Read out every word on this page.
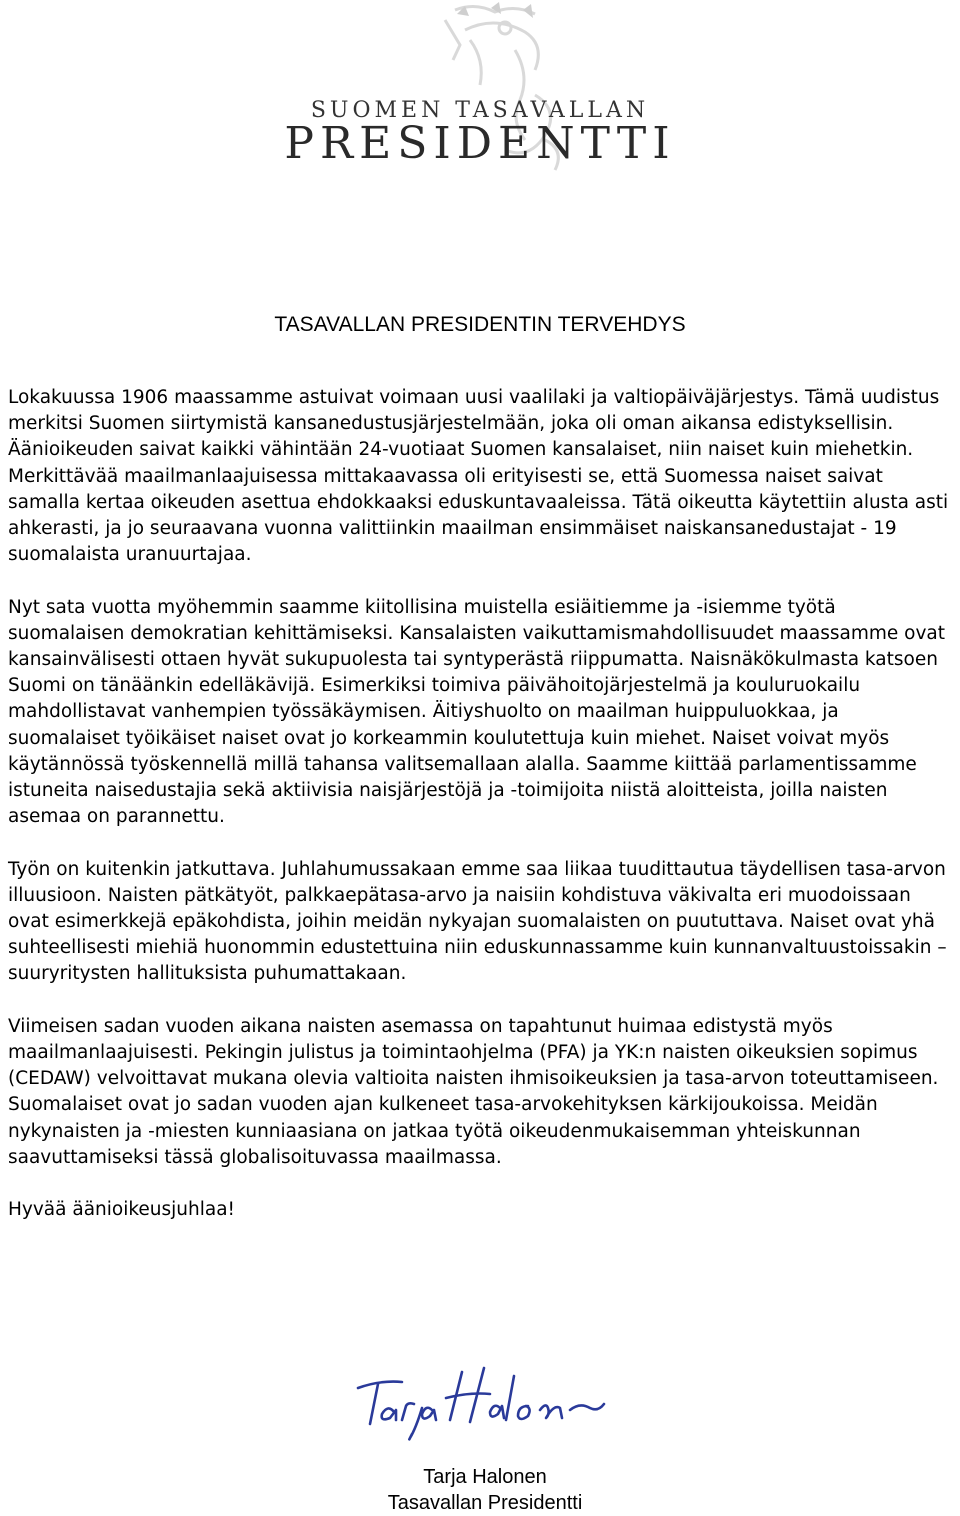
SUOMEN TASAVALLAN
PRESIDENTTI
TASAVALLAN PRESIDENTIN TERVEHDYS

Lokakuussa 1906 maassamme astuivat voimaan uusi vaalilaki ja valtiopäiväjärjestys. Tämä uudistus merkitsi Suomen siirtymistä kansanedustusjärjestelmään, joka oli oman aikansa edistyksellisin. Äänioikeuden saivat kaikki vähintään 24-vuotiaat Suomen kansalaiset, niin naiset kuin miehetkin. Merkittävää maailmanlaajuisessa mittakaavassa oli erityisesti se, että Suomessa naiset saivat samalla kertaa oikeuden asettua ehdokkaaksi eduskuntavaaleissa. Tätä oikeutta käytettiin alusta asti ahkerasti, ja jo seuraavana vuonna valittiinkin maailman ensimmäiset naiskansanedustajat - 19 suomalaista uranuurtajaa.

Nyt sata vuotta myöhemmin saamme kiitollisina muistella esiäitiemme ja -isiemme työtä suomalaisen demokratian kehittämiseksi. Kansalaisten vaikuttamismahdollisuudet maassamme ovat kansainvälisesti ottaen hyvät sukupuolesta tai syntyperästä riippumatta. Naisnäkökulmasta katsoen Suomi on tänäänkin edelläkävijä. Esimerkiksi toimiva päivähoitojärjestelmä ja kouluruokailu mahdollistavat vanhempien työssäkäymisen. Äitiyshuolto on maailman huippuluokkaa, ja suomalaiset työikäiset naiset ovat jo korkeammin koulutettuja kuin miehet. Naiset voivat myös käytännössä työskennellä millä tahansa valitsemallaan alalla. Saamme kiittää parlamentissamme istuneita naisedustajia sekä aktiivisia naisjärjestöjä ja -toimijoita niistä aloitteista, joilla naisten asemaa on parannettu.

Työn on kuitenkin jatkuttava. Juhlahumussakaan emme saa liikaa tuudittautua täydellisen tasa-arvon illuusioon. Naisten pätkätyöt, palkkaepätasa-arvo ja naisiin kohdistuva väkivalta eri muodoissaan ovat esimerkkejä epäkohdista, joihin meidän nykyajan suomalaisten on puututtava. Naiset ovat yhä suhteellisesti miehiä huonommin edustettuina niin eduskunnassamme kuin kunnanvaltuustoissakin – suuryritysten hallituksista puhumattakaan.

Viimeisen sadan vuoden aikana naisten asemassa on tapahtunut huimaa edistystä myös maailmanlaajuisesti. Pekingin julistus ja toimintaohjelma (PFA) ja YK:n naisten oikeuksien sopimus (CEDAW) velvoittavat mukana olevia valtioita naisten ihmisoikeuksien ja tasa-arvon toteuttamiseen. Suomalaiset ovat jo sadan vuoden ajan kulkeneet tasa-arvokehityksen kärkijoukoissa. Meidän nykynaisten ja -miesten kunniaasiana on jatkaa työtä oikeudenmukaisemman yhteiskunnan saavuttamiseksi tässä globalisoituvassa maailmassa.

Hyvää äänioikeusjuhlaa!

Tarja Halonen
Tasavallan Presidentti
